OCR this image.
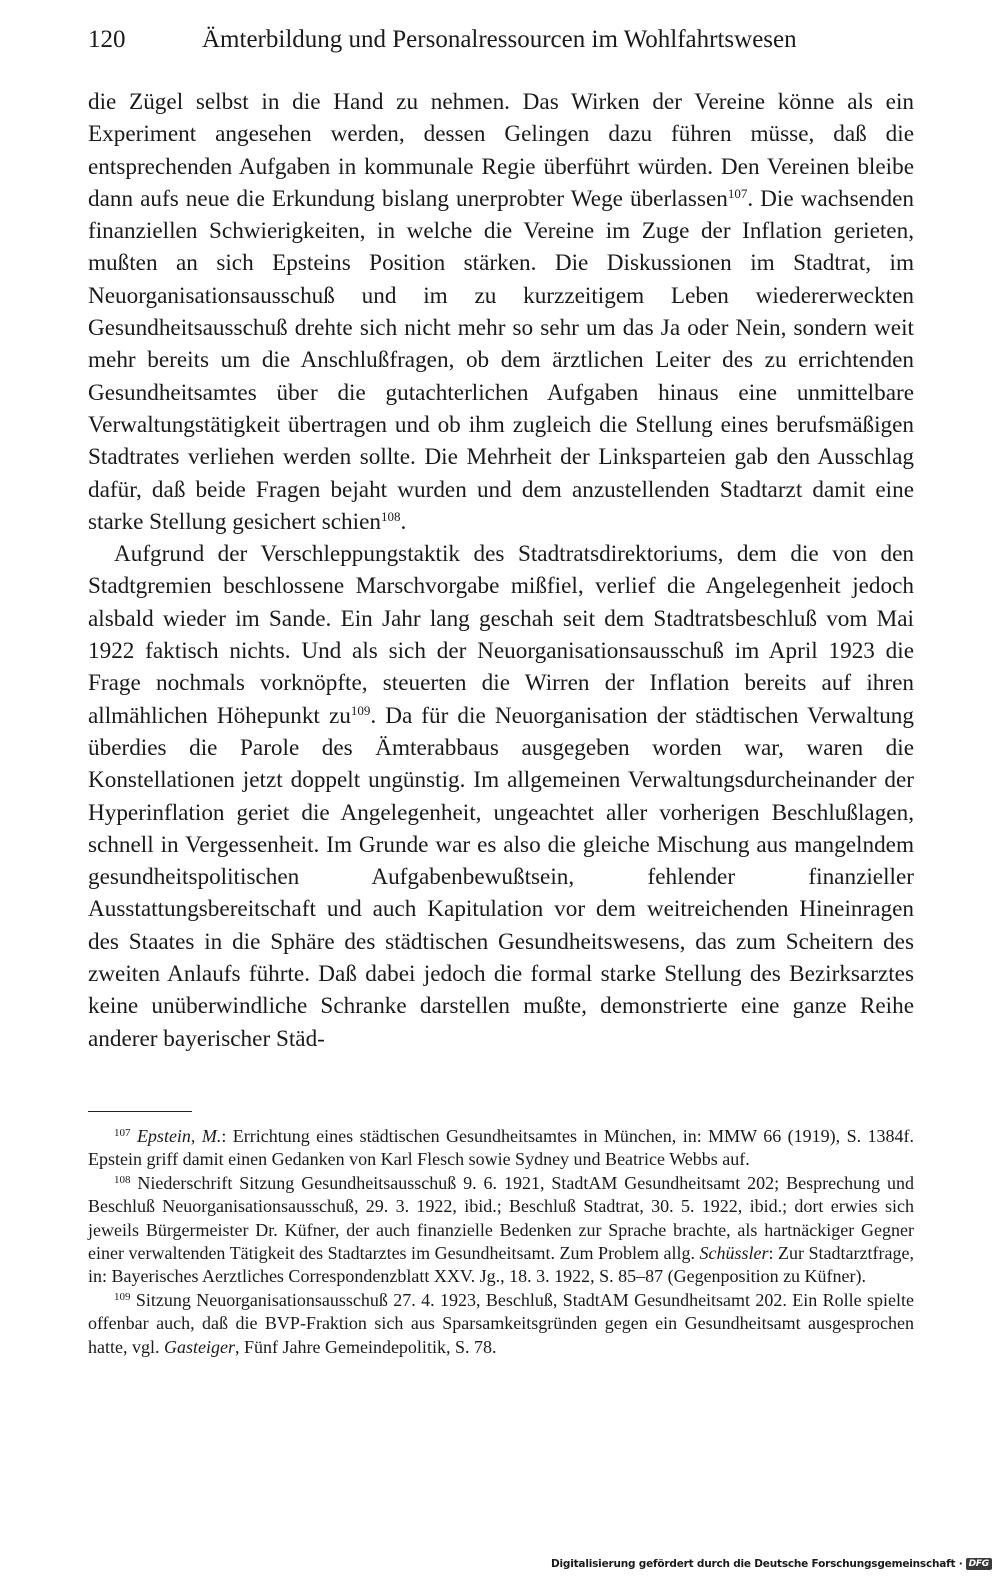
120	Ämterbildung und Personalressourcen im Wohlfahrtswesen

die Zügel selbst in die Hand zu nehmen. Das Wirken der Vereine könne als ein Experiment angesehen werden, dessen Gelingen dazu führen müsse, daß die entsprechenden Aufgaben in kommunale Regie überführt würden. Den Vereinen bleibe dann aufs neue die Erkundung bislang unerprobter Wege überlassen$^{107}$. Die wachsenden finanziellen Schwierigkeiten, in welche die Vereine im Zuge der Inflation gerieten, mußten an sich Epsteins Position stärken. Die Diskussionen im Stadtrat, im Neuorganisationsausschuß und im zu kurzzeitigem Leben wiedererweckten Gesundheitsausschuß drehte sich nicht mehr so sehr um das Ja oder Nein, sondern weit mehr bereits um die Anschlußfragen, ob dem ärztlichen Leiter des zu errichtenden Gesundheitsamtes über die gutachterlichen Aufgaben hinaus eine unmittelbare Verwaltungstätigkeit übertragen und ob ihm zugleich die Stellung eines berufsmäßigen Stadtrates verliehen werden sollte. Die Mehrheit der Linksparteien gab den Ausschlag dafür, daß beide Fragen bejaht wurden und dem anzustellenden Stadtarzt damit eine starke Stellung gesichert schien$^{108}$.

Aufgrund der Verschleppungstaktik des Stadtratsdirektoriums, dem die von den Stadtgremien beschlossene Marschvorgabe mißfiel, verlief die Angelegenheit jedoch alsbald wieder im Sande. Ein Jahr lang geschah seit dem Stadtratsbeschluß vom Mai 1922 faktisch nichts. Und als sich der Neuorganisationsausschuß im April 1923 die Frage nochmals vorknöpfte, steuerten die Wirren der Inflation bereits auf ihren allmählichen Höhepunkt zu$^{109}$. Da für die Neuorganisation der städtischen Verwaltung überdies die Parole des Ämterabbaus ausgegeben worden war, waren die Konstellationen jetzt doppelt ungünstig. Im allgemeinen Verwaltungsdurcheinander der Hyperinflation geriet die Angelegenheit, ungeachtet aller vorherigen Beschlußlagen, schnell in Vergessenheit. Im Grunde war es also die gleiche Mischung aus mangelndem gesundheitspolitischen Aufgabenbewußtsein, fehlender finanzieller Ausstattungsbereitschaft und auch Kapitulation vor dem weitreichenden Hineinragen des Staates in die Sphäre des städtischen Gesundheitswesens, das zum Scheitern des zweiten Anlaufs führte. Daß dabei jedoch die formal starke Stellung des Bezirksarztes keine unüberwindliche Schranke darstellen mußte, demonstrierte eine ganze Reihe anderer bayerischer Städ-

$^{107}$ Epstein, M.: Errichtung eines städtischen Gesundheitsamtes in München, in: MMW 66 (1919), S. 1384f. Epstein griff damit einen Gedanken von Karl Flesch sowie Sydney und Beatrice Webbs auf.

$^{108}$ Niederschrift Sitzung Gesundheitsausschuß 9. 6. 1921, StadtAM Gesundheitsamt 202; Besprechung und Beschluß Neuorganisationsausschuß, 29. 3. 1922, ibid.; Beschluß Stadtrat, 30. 5. 1922, ibid.; dort erwies sich jeweils Bürgermeister Dr. Küfner, der auch finanzielle Bedenken zur Sprache brachte, als hartnäckiger Gegner einer verwaltenden Tätigkeit des Stadtarztes im Gesundheitsamt. Zum Problem allg. Schüssler: Zur Stadtarztfrage, in: Bayerisches Aerztliches Correspondenzblatt XXV. Jg., 18. 3. 1922, S. 85–87 (Gegenposition zu Küfner).

$^{109}$ Sitzung Neuorganisationsausschuß 27. 4. 1923, Beschluß, StadtAM Gesundheitsamt 202. Ein Rolle spielte offenbar auch, daß die BVP-Fraktion sich aus Sparsamkeitsgründen gegen ein Gesundheitsamt ausgesprochen hatte, vgl. Gasteiger, Fünf Jahre Gemeindepolitik, S. 78.

Digitalisierung gefördert durch die Deutsche Forschungsgemeinschaft · DFG
